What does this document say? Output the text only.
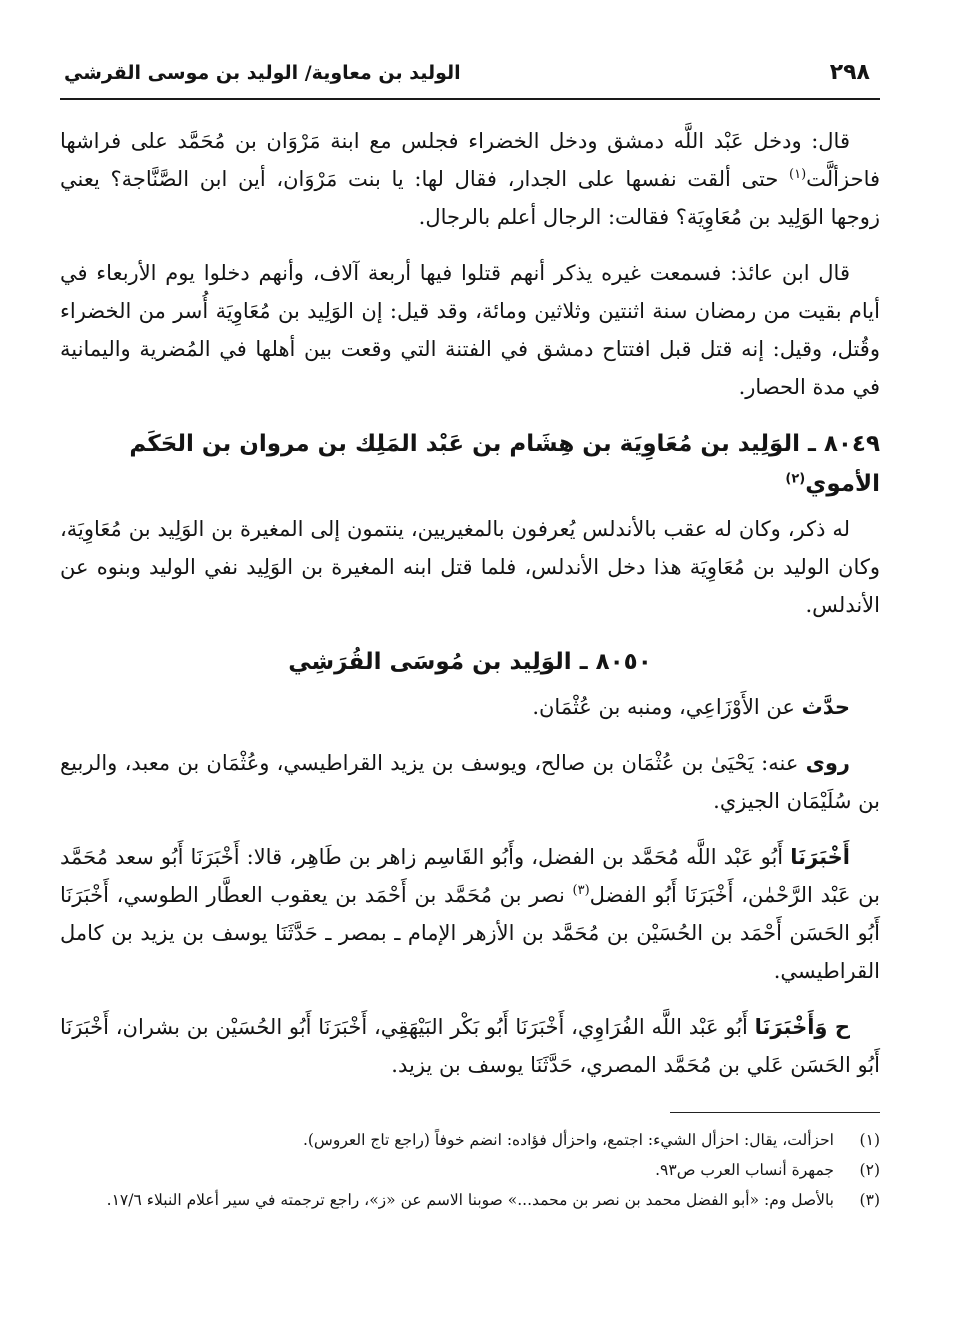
٢٩٨
الوليد بن معاوية/ الوليد بن موسى القرشي

قال: ودخل عَبْد اللَّه دمشق ودخل الخضراء فجلس مع ابنة مَرْوَان بن مُحَمَّد على فراشها فاحزألَّت$^{(١)}$ حتى ألقت نفسها على الجدار، فقال لها: يا بنت مَرْوَان، أين ابن الصَّنَّاجة؟ يعني زوجها الوَلِيد بن مُعَاوِيَة؟ فقالت: الرجال أعلم بالرجال.

قال ابن عائذ: فسمعت غيره يذكر أنهم قتلوا فيها أربعة آلاف، وأنهم دخلوا يوم الأربعاء في أيام بقيت من رمضان سنة اثنتين وثلاثين ومائة، وقد قيل: إن الوَلِيد بن مُعَاوِيَة أُسر من الخضراء وقُتل، وقيل: إنه قتل قبل افتتاح دمشق في الفتنة التي وقعت بين أهلها في المُضرية واليمانية في مدة الحصار.

٨٠٤٩ ـ الوَلِيد بن مُعَاوِيَة بن هِشَام بن عَبْد المَلِك بن مروان بن الحَكَم الأموي$^{(٢)}$

له ذكر، وكان له عقب بالأندلس يُعرفون بالمغيريين، ينتمون إلى المغيرة بن الوَلِيد بن مُعَاوِيَة، وكان الوليد بن مُعَاوِيَة هذا دخل الأندلس، فلما قتل ابنه المغيرة بن الوَلِيد نفي الوليد وبنوه عن الأندلس.

٨٠٥٠ ـ الوَلِيد بن مُوسَى القُرَشِي

حدَّث عن الأَوْزَاعِي، ومنبه بن عُثْمَان.

روى عنه: يَحْيَىٰ بن عُثْمَان بن صالح، ويوسف بن يزيد القراطيسي، وعُثْمَان بن معبد، والربيع بن سُلَيْمَان الجيزي.

أَخْبَرَنَا أَبُو عَبْد اللَّه مُحَمَّد بن الفضل، وأَبُو القَاسِم زاهر بن طَاهِر، قالا: أَخْبَرَنَا أَبُو سعد مُحَمَّد بن عَبْد الرَّحْمٰن، أَخْبَرَنَا أَبُو الفضل$^{(٣)}$ نصر بن مُحَمَّد بن أَحْمَد بن يعقوب العطَّار الطوسي، أَخْبَرَنَا أَبُو الحَسَن أَحْمَد بن الحُسَيْن بن مُحَمَّد بن الأزهر الإمام ـ بمصر ـ حَدَّثَنَا يوسف بن يزيد بن كامل القراطيسي.

ح وَأَخْبَرَنَا أَبُو عَبْد اللَّه الفُرَاوِي، أَخْبَرَنَا أَبُو بَكْر البَيْهَقِي، أَخْبَرَنَا أَبُو الحُسَيْن بن بشران، أَخْبَرَنَا أَبُو الحَسَن عَلي بن مُحَمَّد المصري، حَدَّثَنَا يوسف بن يزيد.

(١)
احزألت، يقال: احزأل الشيء: اجتمع، واحزأل فؤاده: انضم خوفاً (راجع تاج العروس).
(٢)
جمهرة أنساب العرب ص٩٣.
(٣)
بالأصل وم: «أبو الفضل محمد بن نصر بن محمد...» صوبنا الاسم عن «ز»، راجع ترجمته في سير أعلام النبلاء ١٧/٦.
